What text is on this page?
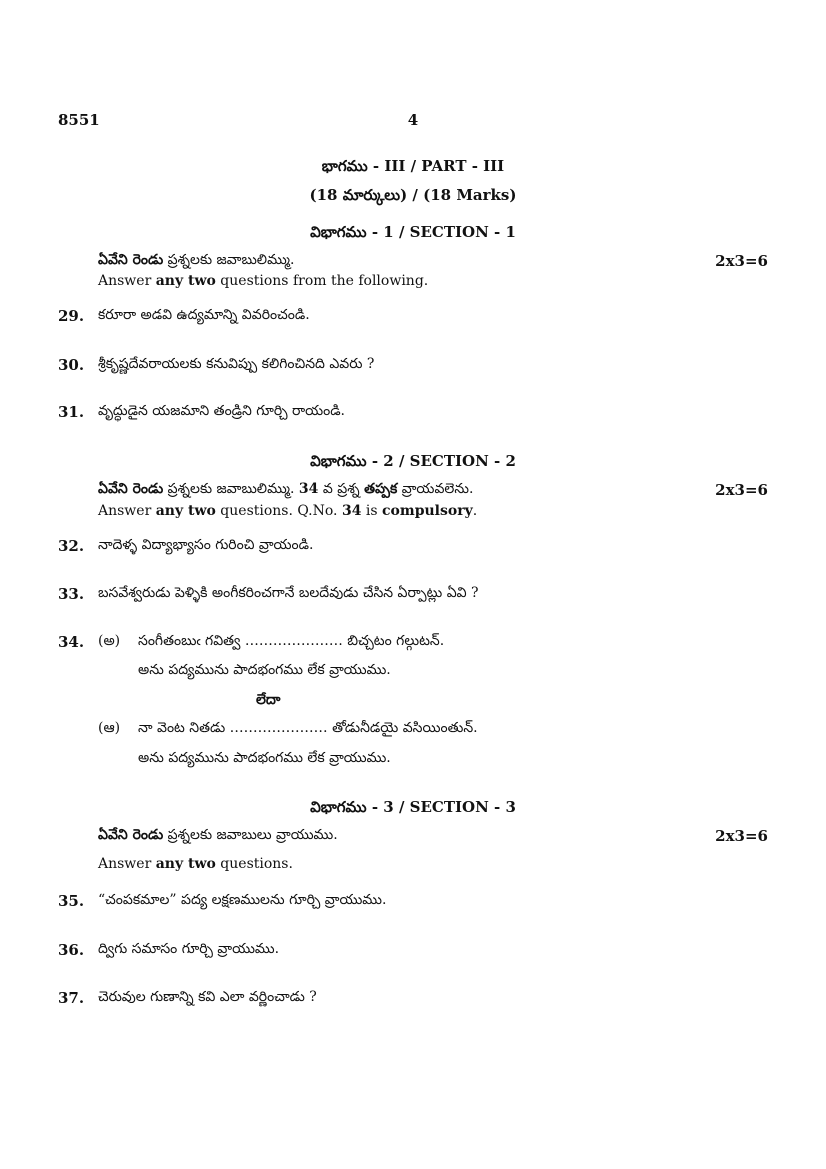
8551	4
భాగము - III / PART - III
(18 మార్కులు) / (18 Marks)
విభాగము - 1 / SECTION - 1
ఏవేని రెండు ప్రశ్నలకు జవాబులిమ్ము.	2x3=6
Answer any two questions from the following.
29. కరూరా అడవి ఉద్యమాన్ని వివరించండి.
30. శ్రీకృష్ణదేవరాయలకు కనువిప్పు కలిగించినది ఎవరు ?
31. వృద్ధుడైన యజమాని తండ్రిని గూర్చి రాయండి.
విభాగము - 2 / SECTION - 2
ఏవేని రెండు ప్రశ్నలకు జవాబులిమ్ము. 34 వ ప్రశ్న తప్పక వ్రాయవలెను.	2x3=6
Answer any two questions. Q.No. 34 is compulsory.
32. నాదెళ్ళ విద్యాభ్యాసం గురించి వ్రాయండి.
33. బసవేశ్వరుడు పెళ్ళికి అంగీకరించగానే బలదేవుడు చేసిన ఏర్పాట్లు ఏవి ?
34. (అ) సంగీతంబుఁ గవిత్వ ………………… బిచ్చటం గల్గుటన్.
అను పద్యమును పాదభంగము లేక వ్రాయుము.
లేదా
(ఆ) నా వెంట నితడు ………………… తోడునీడయై వసియింతున్.
అను పద్యమును పాదభంగము లేక వ్రాయుము.
విభాగము - 3 / SECTION - 3
ఏవేని రెండు ప్రశ్నలకు జవాబులు వ్రాయుము.	2x3=6
Answer any two questions.
35. “చంపకమాల” పద్య లక్షణములను గూర్చి వ్రాయుము.
36. ద్విగు సమాసం గూర్చి వ్రాయుము.
37. చెరువుల గుణాన్ని కవి ఎలా వర్ణించాడు ?
